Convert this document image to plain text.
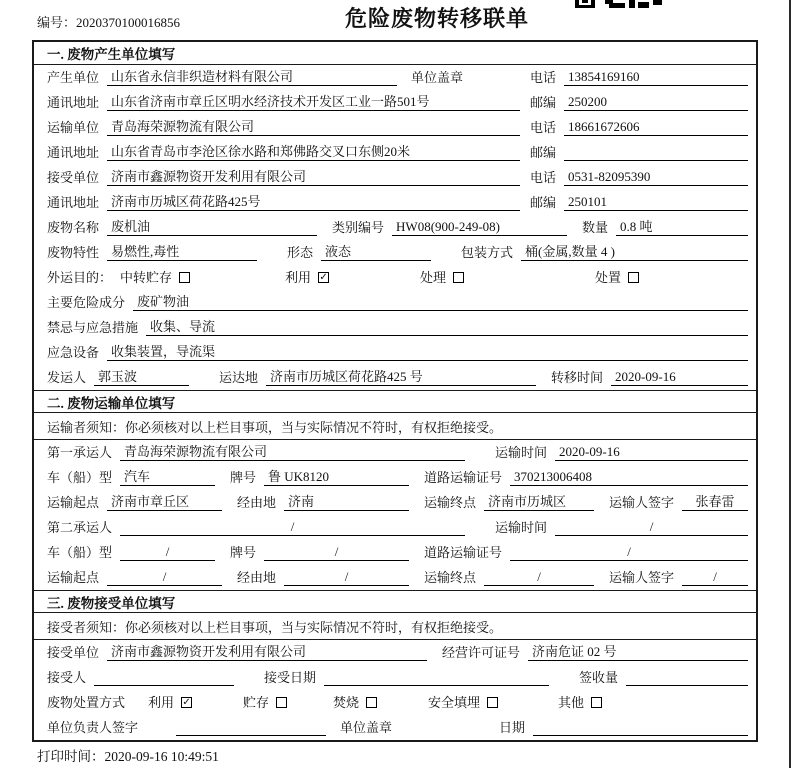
编号：2020370100016856	危险废物转移联单
一. 废物产生单位填写
产生单位 山东省永信非织造材料有限公司	单位盖章	电话 13854169160
通讯地址 山东省济南市章丘区明水经济技术开发区工业一路501号	邮编 250200
运输单位 青岛海荣源物流有限公司	电话 18661672606
通讯地址 山东省青岛市李沧区徐水路和郑佛路交叉口东侧20米	邮编
接受单位 济南市鑫源物资开发利用有限公司	电话 0531-82095390
通讯地址 济南市历城区荷花路425号	邮编 250101
废物名称 废机油	类别编号 HW08(900-249-08)	数量 0.8 吨
废物特性 易燃性,毒性	形态 液态	包装方式 桶(金属,数量 4 )
外运目的： 中转贮存	利用 ✓	处理	处置
主要危险成分 废矿物油
禁忌与应急措施 收集、导流
应急设备 收集装置，导流渠
发运人 郭玉波	运达地 济南市历城区荷花路425 号	转移时间 2020-09-16
二. 废物运输单位填写
运输者须知：你必须核对以上栏目事项，当与实际情况不符时，有权拒绝接受。
第一承运人 青岛海荣源物流有限公司	运输时间 2020-09-16
车（船）型 汽车	牌号 鲁 UK8120	道路运输证号 370213006408
运输起点 济南市章丘区	经由地 济南	运输终点 济南市历城区	运输人签字	张春雷
第二承运人	/	运输时间	/
车（船）型	/	牌号	/	道路运输证号	/
运输起点	/	经由地	/	运输终点	/	运输人签字	/
三. 废物接受单位填写
接受者须知：你必须核对以上栏目事项，当与实际情况不符时，有权拒绝接受。
接受单位 济南市鑫源物资开发利用有限公司	经营许可证号 济南危证 02 号
接受人	接受日期	签收量
废物处置方式 利用 ✓	贮存	焚烧	安全填埋	其他
单位负责人签字	单位盖章	日期
打印时间：2020-09-16 10:49:51
